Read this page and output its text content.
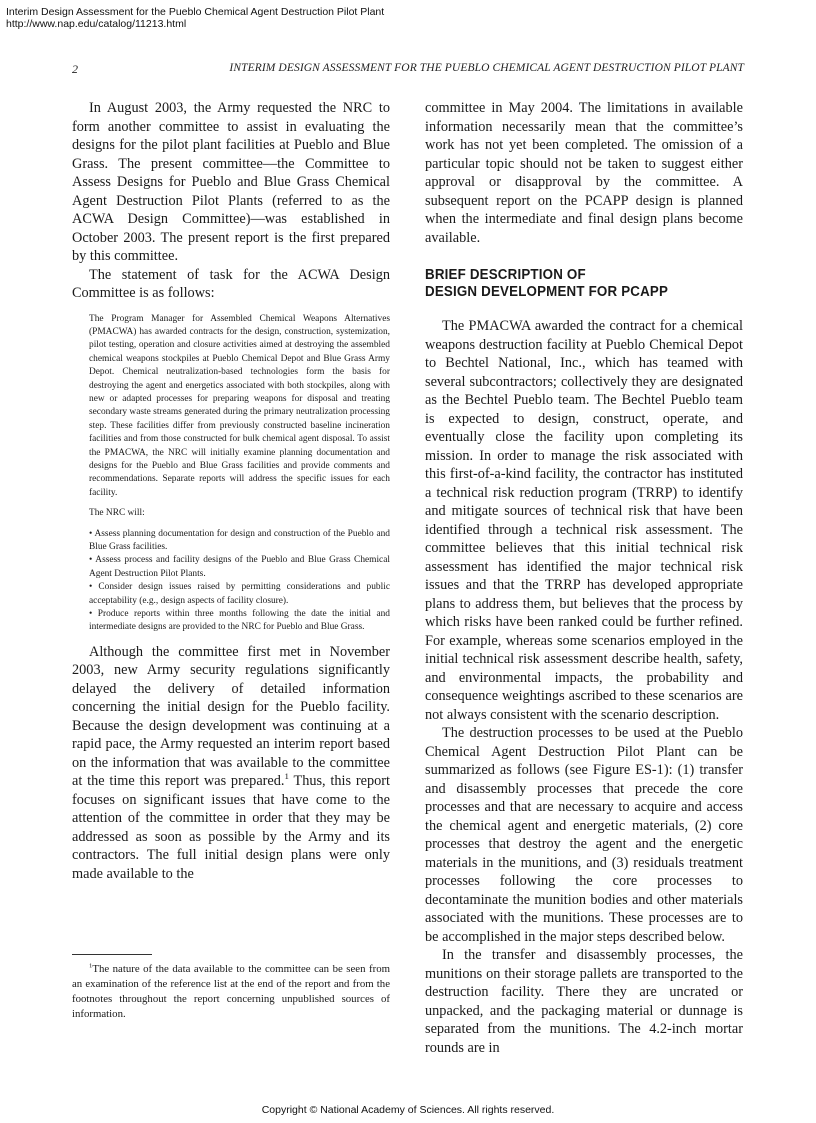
Interim Design Assessment for the Pueblo Chemical Agent Destruction Pilot Plant
http://www.nap.edu/catalog/11213.html
2	INTERIM DESIGN ASSESSMENT FOR THE PUEBLO CHEMICAL AGENT DESTRUCTION PILOT PLANT

In August 2003, the Army requested the NRC to form another committee to assist in evaluating the designs for the pilot plant facilities at Pueblo and Blue Grass. The present committee—the Committee to Assess Designs for Pueblo and Blue Grass Chemical Agent Destruction Pilot Plants (referred to as the ACWA Design Committee)—was established in October 2003. The present report is the first prepared by this committee.

The statement of task for the ACWA Design Committee is as follows:

The Program Manager for Assembled Chemical Weapons Alternatives (PMACWA) has awarded contracts for the design, construction, systemization, pilot testing, operation and closure activities aimed at destroying the assembled chemical weapons stockpiles at Pueblo Chemical Depot and Blue Grass Army Depot. Chemical neutralization-based technologies form the basis for destroying the agent and energetics associated with both stockpiles, along with new or adapted processes for preparing weapons for disposal and treating secondary waste streams generated during the primary neutralization processing step. These facilities differ from previously constructed baseline incineration facilities and from those constructed for bulk chemical agent disposal. To assist the PMACWA, the NRC will initially examine planning documentation and designs for the Pueblo and Blue Grass facilities and provide comments and recommendations. Separate reports will address the specific issues for each facility.

The NRC will:

• Assess planning documentation for design and construction of the Pueblo and Blue Grass facilities.
• Assess process and facility designs of the Pueblo and Blue Grass Chemical Agent Destruction Pilot Plants.
• Consider design issues raised by permitting considerations and public acceptability (e.g., design aspects of facility closure).
• Produce reports within three months following the date the initial and intermediate designs are provided to the NRC for Pueblo and Blue Grass.

Although the committee first met in November 2003, new Army security regulations significantly delayed the delivery of detailed information concerning the initial design for the Pueblo facility. Because the design development was continuing at a rapid pace, the Army requested an interim report based on the information that was available to the committee at the time this report was prepared.$^1$ Thus, this report focuses on significant issues that have come to the attention of the committee in order that they may be addressed as soon as possible by the Army and its contractors. The full initial design plans were only made available to the

$^1$The nature of the data available to the committee can be seen from an examination of the reference list at the end of the report and from the footnotes throughout the report concerning unpublished sources of information.

committee in May 2004. The limitations in available information necessarily mean that the committee’s work has not yet been completed. The omission of a particular topic should not be taken to suggest either approval or disapproval by the committee. A subsequent report on the PCAPP design is planned when the intermediate and final design plans become available.

BRIEF DESCRIPTION OF
DESIGN DEVELOPMENT FOR PCAPP

The PMACWA awarded the contract for a chemical weapons destruction facility at Pueblo Chemical Depot to Bechtel National, Inc., which has teamed with several subcontractors; collectively they are designated as the Bechtel Pueblo team. The Bechtel Pueblo team is expected to design, construct, operate, and eventually close the facility upon completing its mission. In order to manage the risk associated with this first-of-a-kind facility, the contractor has instituted a technical risk reduction program (TRRP) to identify and mitigate sources of technical risk that have been identified through a technical risk assessment. The committee believes that this initial technical risk assessment has identified the major technical risk issues and that the TRRP has developed appropriate plans to address them, but believes that the process by which risks have been ranked could be further refined. For example, whereas some scenarios employed in the initial technical risk assessment describe health, safety, and environmental impacts, the probability and consequence weightings ascribed to these scenarios are not always consistent with the scenario description.

The destruction processes to be used at the Pueblo Chemical Agent Destruction Pilot Plant can be summarized as follows (see Figure ES-1): (1) transfer and disassembly processes that precede the core processes and that are necessary to acquire and access the chemical agent and energetic materials, (2) core processes that destroy the agent and the energetic materials in the munitions, and (3) residuals treatment processes following the core processes to decontaminate the munition bodies and other materials associated with the munitions. These processes are to be accomplished in the major steps described below.

In the transfer and disassembly processes, the munitions on their storage pallets are transported to the destruction facility. There they are uncrated or unpacked, and the packaging material or dunnage is separated from the munitions. The 4.2-inch mortar rounds are in

Copyright © National Academy of Sciences. All rights reserved.
